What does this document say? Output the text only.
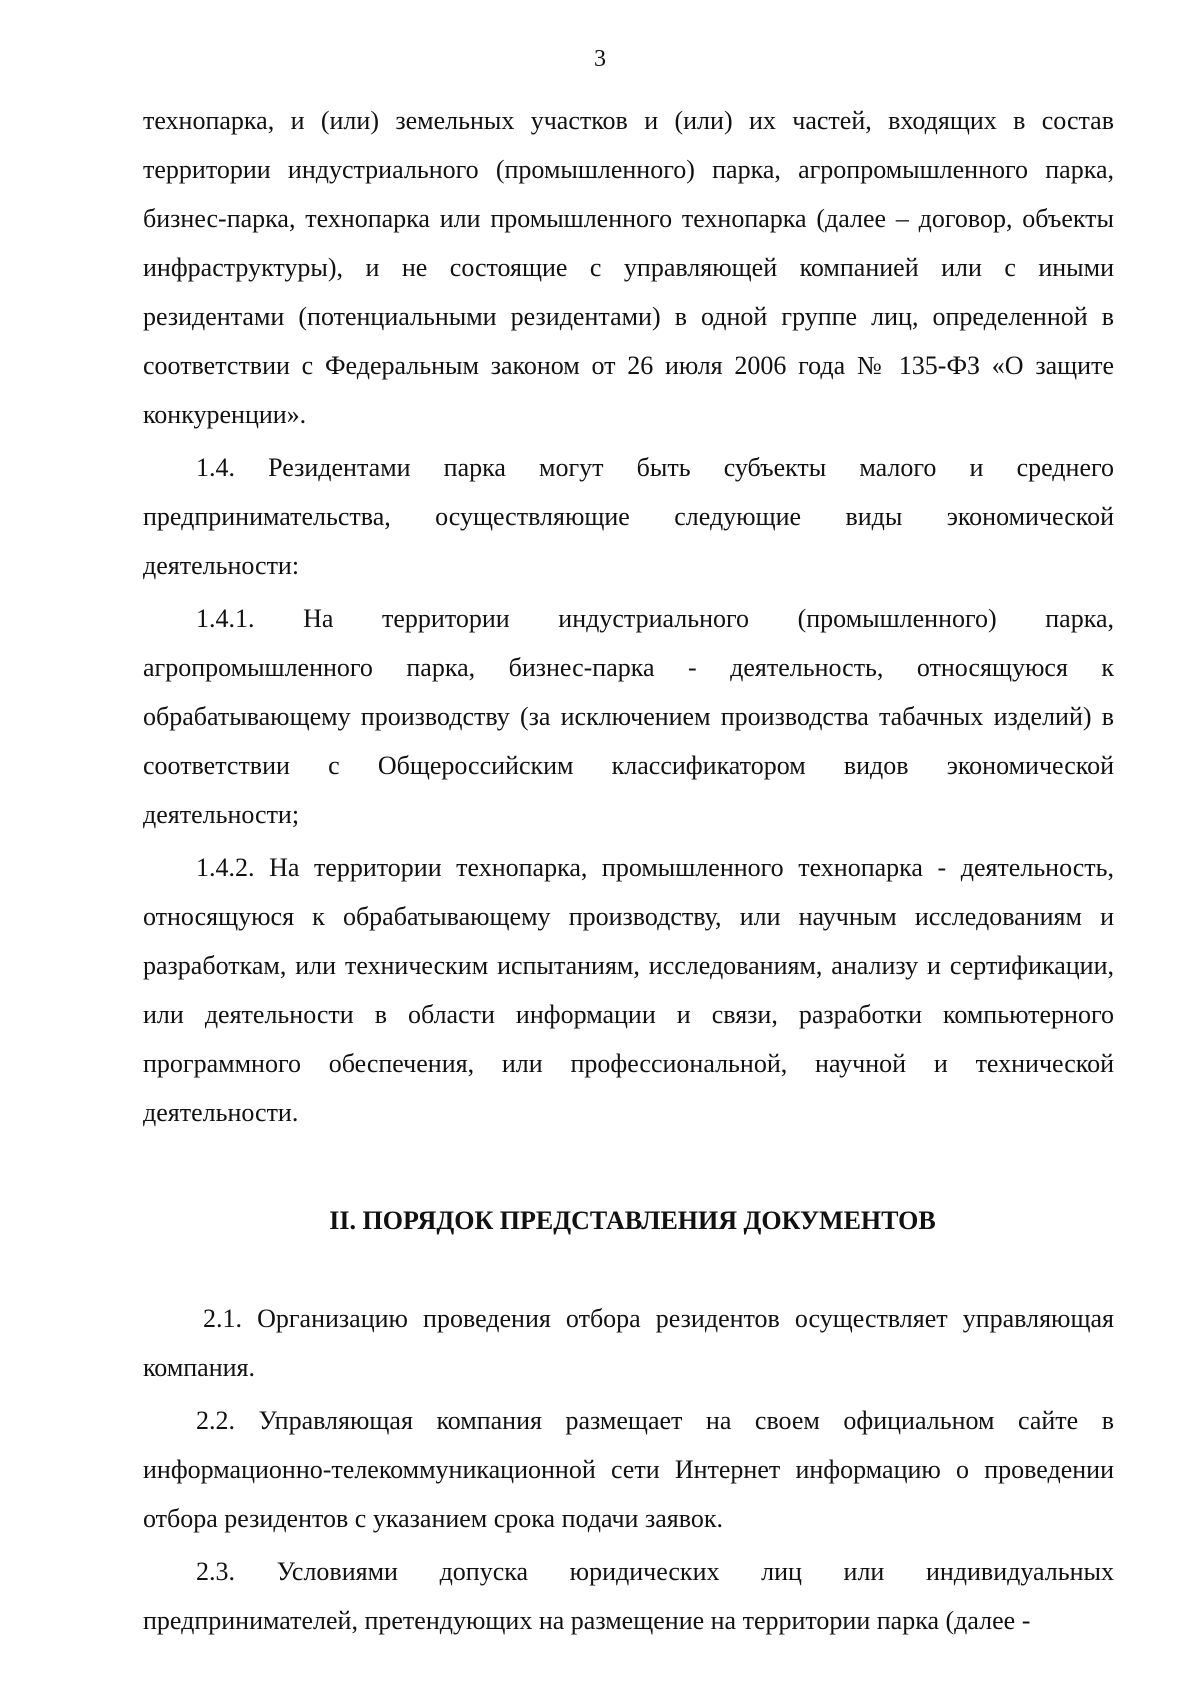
3

технопарка, и (или) земельных участков и (или) их частей, входящих в состав территории индустриального (промышленного) парка, агропромышленного парка, бизнес-парка, технопарка или промышленного технопарка (далее – договор, объекты инфраструктуры), и не состоящие с управляющей компанией или с иными резидентами (потенциальными резидентами) в одной группе лиц, определенной в соответствии с Федеральным законом от 26 июля 2006 года № 135-ФЗ «О защите конкуренции».

1.4. Резидентами парка могут быть субъекты малого и среднего предпринимательства, осуществляющие следующие виды экономической деятельности:

1.4.1. На территории индустриального (промышленного) парка, агропромышленного парка, бизнес-парка - деятельность, относящуюся к обрабатывающему производству (за исключением производства табачных изделий) в соответствии с Общероссийским классификатором видов экономической деятельности;

1.4.2. На территории технопарка, промышленного технопарка - деятельность, относящуюся к обрабатывающему производству, или научным исследованиям и разработкам, или техническим испытаниям, исследованиям, анализу и сертификации, или деятельности в области информации и связи, разработки компьютерного программного обеспечения, или профессиональной, научной и технической деятельности.

II. ПОРЯДОК ПРЕДСТАВЛЕНИЯ ДОКУМЕНТОВ

2.1. Организацию проведения отбора резидентов осуществляет управляющая компания.

2.2. Управляющая компания размещает на своем официальном сайте в информационно-телекоммуникационной сети Интернет информацию о проведении отбора резидентов с указанием срока подачи заявок.

2.3. Условиями допуска юридических лиц или индивидуальных предпринимателей, претендующих на размещение на территории парка (далее -
